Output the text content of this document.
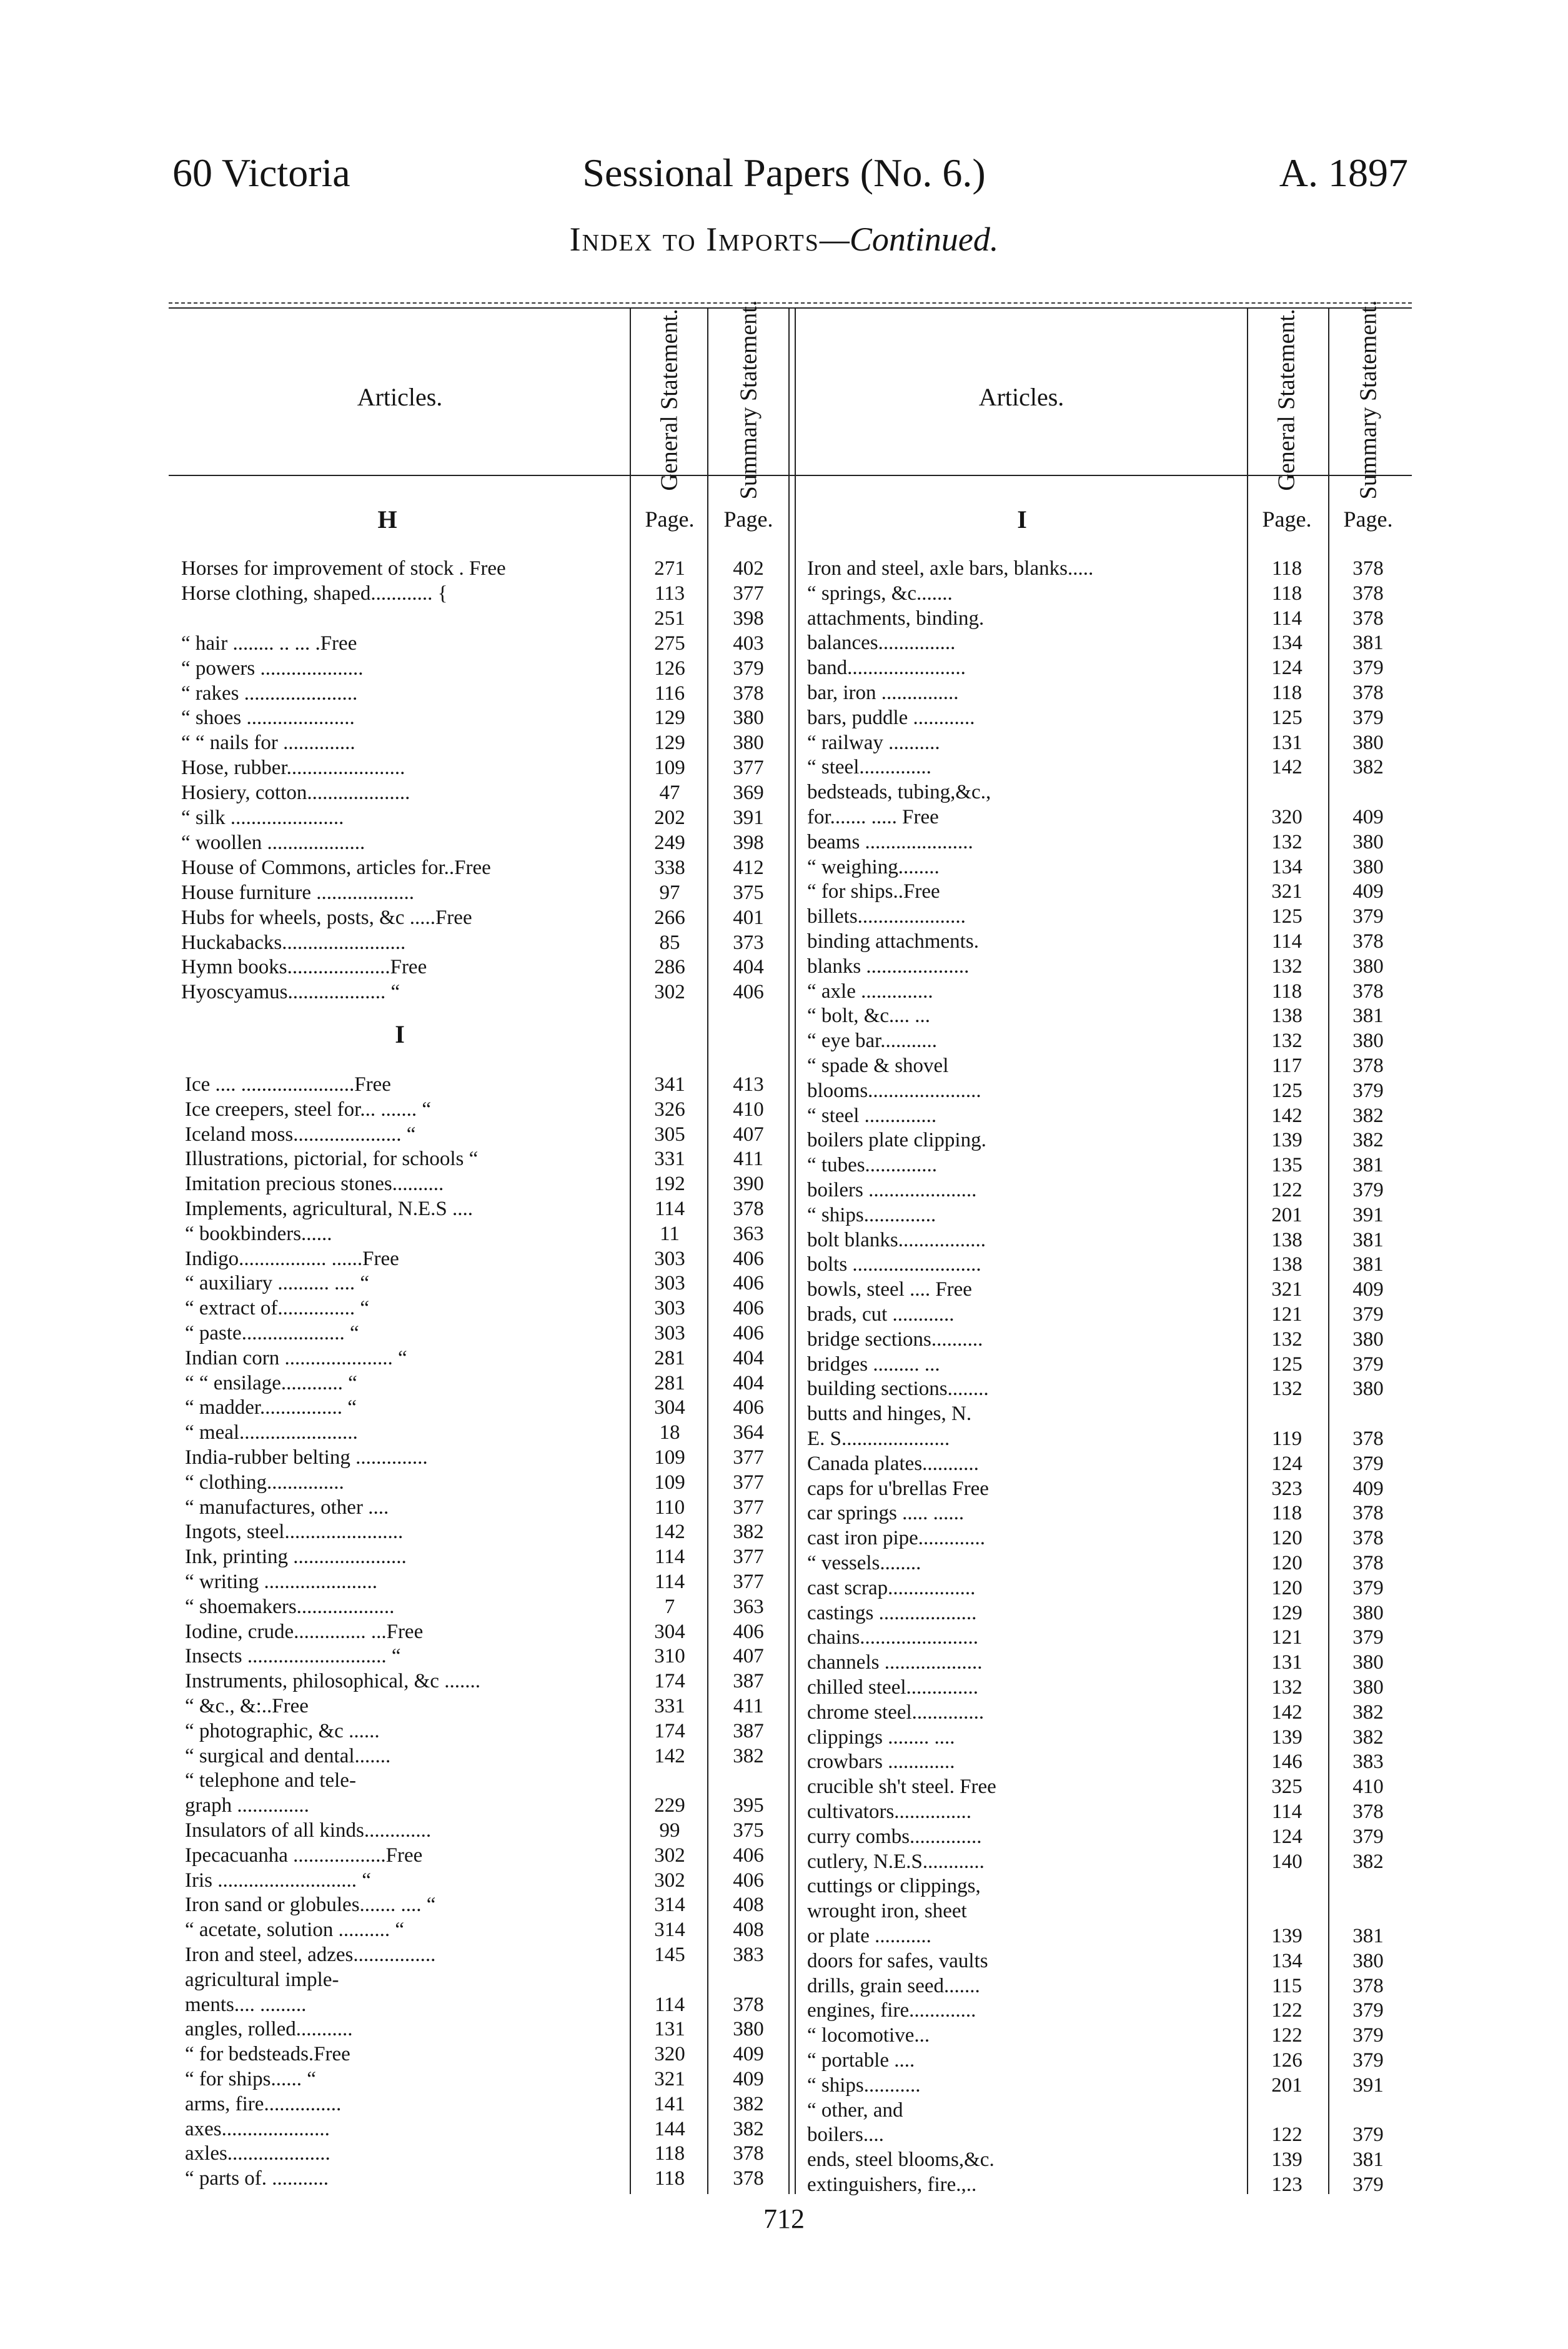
60 Victoria	Sessional Papers (No. 6.)	A. 1897
Index to Imports—Continued.
Articles.	General Statement. Summary Statement.	Articles.	General Statement. Summary Statement.
H	Page.	Page.	I	Page.	Page.
I
Horses for improvement of stock . Free	271	402
Horse clothing, shaped............ {	113	377
251	398
“ hair ........ .. ... .Free	275	403
“ powers ....................	126	379
“ rakes ......................	116	378
“ shoes .....................	129	380
“ “ nails for ..............	129	380
Hose, rubber.......................	109	377
Hosiery, cotton....................	47	369
“ silk ......................	202	391
“ woollen ...................	249	398
House of Commons, articles for..Free	338	412
House furniture ...................	97	375
Hubs for wheels, posts, &c .....Free	266	401
Huckabacks........................	85	373
Hymn books....................Free	286	404
Hyoscyamus................... “	302	406
Ice .... ......................Free	341	413
Ice creepers, steel for... ....... “	326	410
Iceland moss..................... “	305	407
Illustrations, pictorial, for schools “	331	411
Imitation precious stones..........	192	390
Implements, agricultural, N.E.S ....	114	378
“ bookbinders......	11	363
Indigo................. ......Free	303	406
“ auxiliary .......... .... “	303	406
“ extract of............... “	303	406
“ paste.................... “	303	406
Indian corn ..................... “	281	404
“ “ ensilage............ “	281	404
“ madder................ “	304	406
“ meal.......................	18	364
India-rubber belting ..............	109	377
“ clothing...............	109	377
“ manufactures, other ....	110	377
Ingots, steel.......................	142	382
Ink, printing ......................	114	377
“ writing ......................	114	377
“ shoemakers...................	7	363
Iodine, crude.............. ...Free	304	406
Insects ........................... “	310	407
Instruments, philosophical, &c .......	174	387
“ &c., &:..Free	331	411
“ photographic, &c ......	174	387
“ surgical and dental.......	142	382
“ telephone and tele-
graph ..............	229	395
Insulators of all kinds.............	99	375
Ipecacuanha ..................Free	302	406
Iris ........................... “	302	406
Iron sand or globules....... .... “	314	408
“ acetate, solution .......... “	314	408
Iron and steel, adzes................	145	383
agricultural imple-
ments.... .........	114	378
angles, rolled...........	131	380
“ for bedsteads.Free	320	409
“ for ships...... “	321	409
arms, fire...............	141	382
axes.....................	144	382
axles....................	118	378
“ parts of. ...........	118	378
Iron and steel, axle bars, blanks.....	118	378
“ springs, &c.......	118	378
attachments, binding.	114	378
balances...............	134	381
band.......................	124	379
bar, iron ...............	118	378
bars, puddle ............	125	379
“ railway ..........	131	380
“ steel..............	142	382
bedsteads, tubing,&c.,
for....... ..... Free	320	409
beams .....................	132	380
“ weighing........	134	380
“ for ships..Free	321	409
billets.....................	125	379
binding attachments.	114	378
blanks ....................	132	380
“ axle ..............	118	378
“ bolt, &c.... ...	138	381
“ eye bar...........	132	380
“ spade & shovel	117	378
blooms......................	125	379
“ steel ..............	142	382
boilers plate clipping.	139	382
“ tubes..............	135	381
boilers .....................	122	379
“ ships..............	201	391
bolt blanks.................	138	381
bolts .........................	138	381
bowls, steel .... Free	321	409
brads, cut ............	121	379
bridge sections..........	132	380
bridges ......... ...	125	379
building sections........	132	380
butts and hinges, N.
E. S.....................	119	378
Canada plates...........	124	379
caps for u'brellas Free	323	409
car springs ..... ......	118	378
cast iron pipe.............	120	378
“ vessels........	120	378
cast scrap.................	120	379
castings ...................	129	380
chains.......................	121	379
channels ...................	131	380
chilled steel..............	132	380
chrome steel..............	142	382
clippings ........ ....	139	382
crowbars .............	146	383
crucible sh't steel. Free	325	410
cultivators...............	114	378
curry combs..............	124	379
cutlery, N.E.S............	140	382
cuttings or clippings,
wrought iron, sheet
or plate ...........	139	381
doors for safes, vaults	134	380
drills, grain seed.......	115	378
engines, fire.............	122	379
“ locomotive...	122	379
“ portable ....	126	379
“ ships...........	201	391
“ other, and
boilers....	122	379
ends, steel blooms,&c.	139	381
extinguishers, fire.,..	123	379
712
